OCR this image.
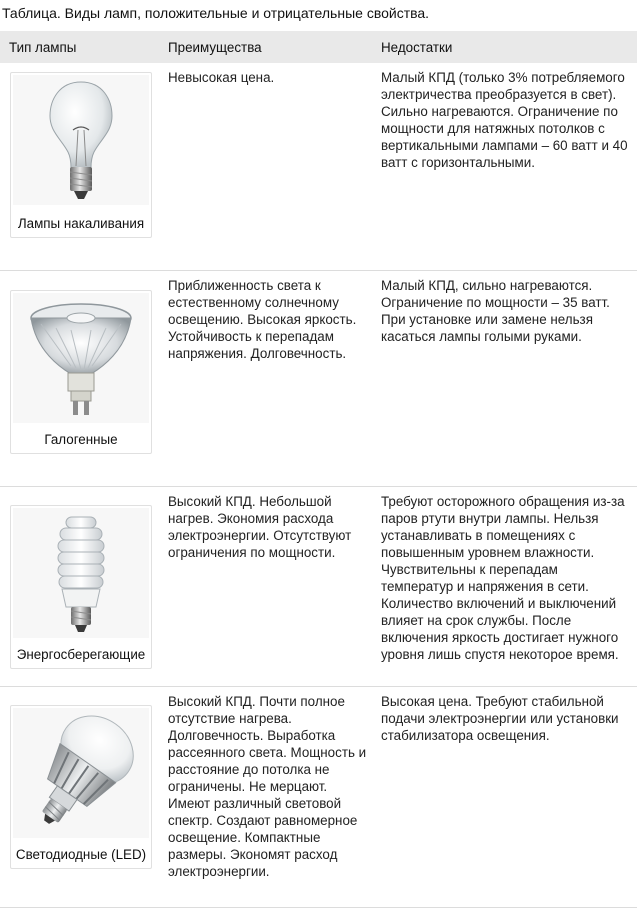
Таблица. Виды ламп, положительные и отрицательные свойства.
Тип лампы	Преимущества	Недостатки

Лампы накаливания	Невысокая цена.	Малый КПД (только 3% потребляемого электричества преобразуется в свет). Сильно нагреваются. Ограничение по мощности для натяжных потолков с вертикальными лампами – 60 ватт и 40 ватт с горизонтальными.

Галогенные	Приближенность света к естественному солнечному освещению. Высокая яркость. Устойчивость к перепадам напряжения. Долговечность.	Малый КПД, сильно нагреваются. Ограничение по мощности – 35 ватт.
При установке или замене нельзя касаться лампы голыми руками.

Энергосберегающие	Высокий КПД. Небольшой нагрев. Экономия расхода электроэнергии. Отсутствуют ограничения по мощности.	Требуют осторожного обращения из-за паров ртути внутри лампы. Нельзя устанавливать в помещениях с повышенным уровнем влажности. Чувствительны к перепадам температур и напряжения в сети. Количество включений и выключений влияет на срок службы. После включения яркость достигает нужного уровня лишь спустя некоторое время.

Светодиодные (LED)	Высокий КПД. Почти полное отсутствие нагрева. Долговечность. Выработка рассеянного света. Мощность и расстояние до потолка не ограничены. Не мерцают. Имеют различный световой спектр. Создают равномерное освещение. Компактные размеры. Экономят расход электроэнергии.	Высокая цена. Требуют стабильной подачи электроэнергии или установки стабилизатора освещения.
